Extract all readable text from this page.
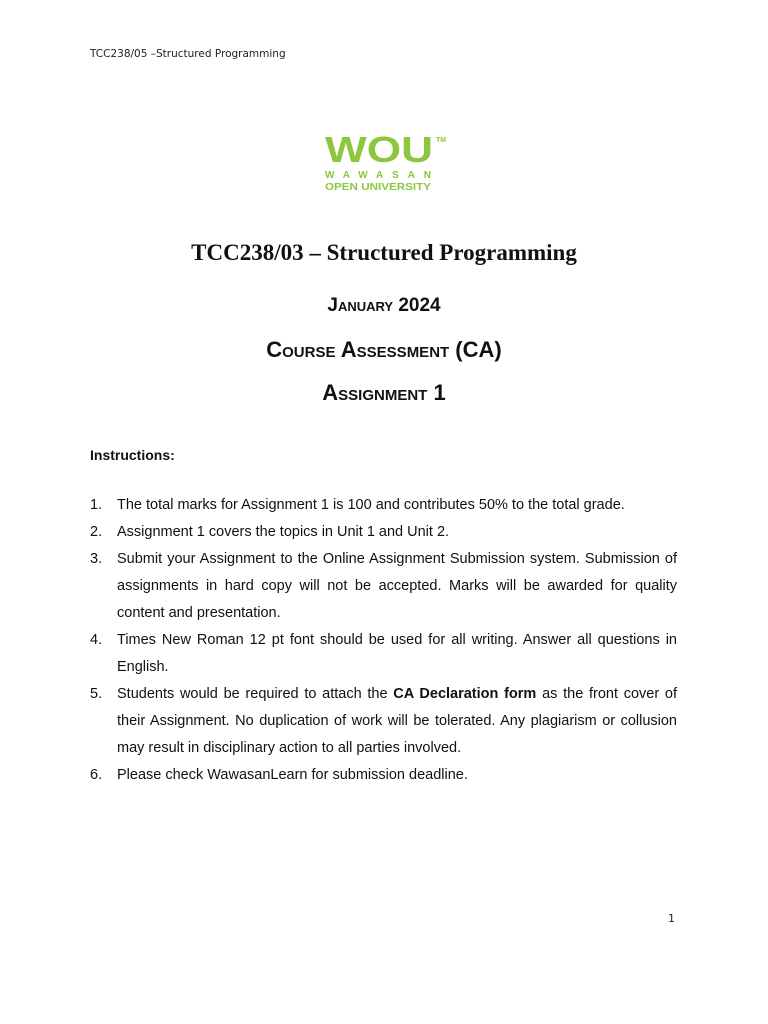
TCC238/05 –Structured Programming
WOU TM
WAWASAN
OPEN UNIVERSITY
TCC238/03 – Structured Programming
January 2024
Course Assessment (CA)
Assignment 1
Instructions:
1. The total marks for Assignment 1 is 100 and contributes 50% to the total grade.
2. Assignment 1 covers the topics in Unit 1 and Unit 2.
3. Submit your Assignment to the Online Assignment Submission system. Submission of assignments in hard copy will not be accepted. Marks will be awarded for quality content and presentation.
4. Times New Roman 12 pt font should be used for all writing. Answer all questions in English.
5. Students would be required to attach the CA Declaration form as the front cover of their Assignment. No duplication of work will be tolerated. Any plagiarism or collusion may result in disciplinary action to all parties involved.
6. Please check WawasanLearn for submission deadline.
1
